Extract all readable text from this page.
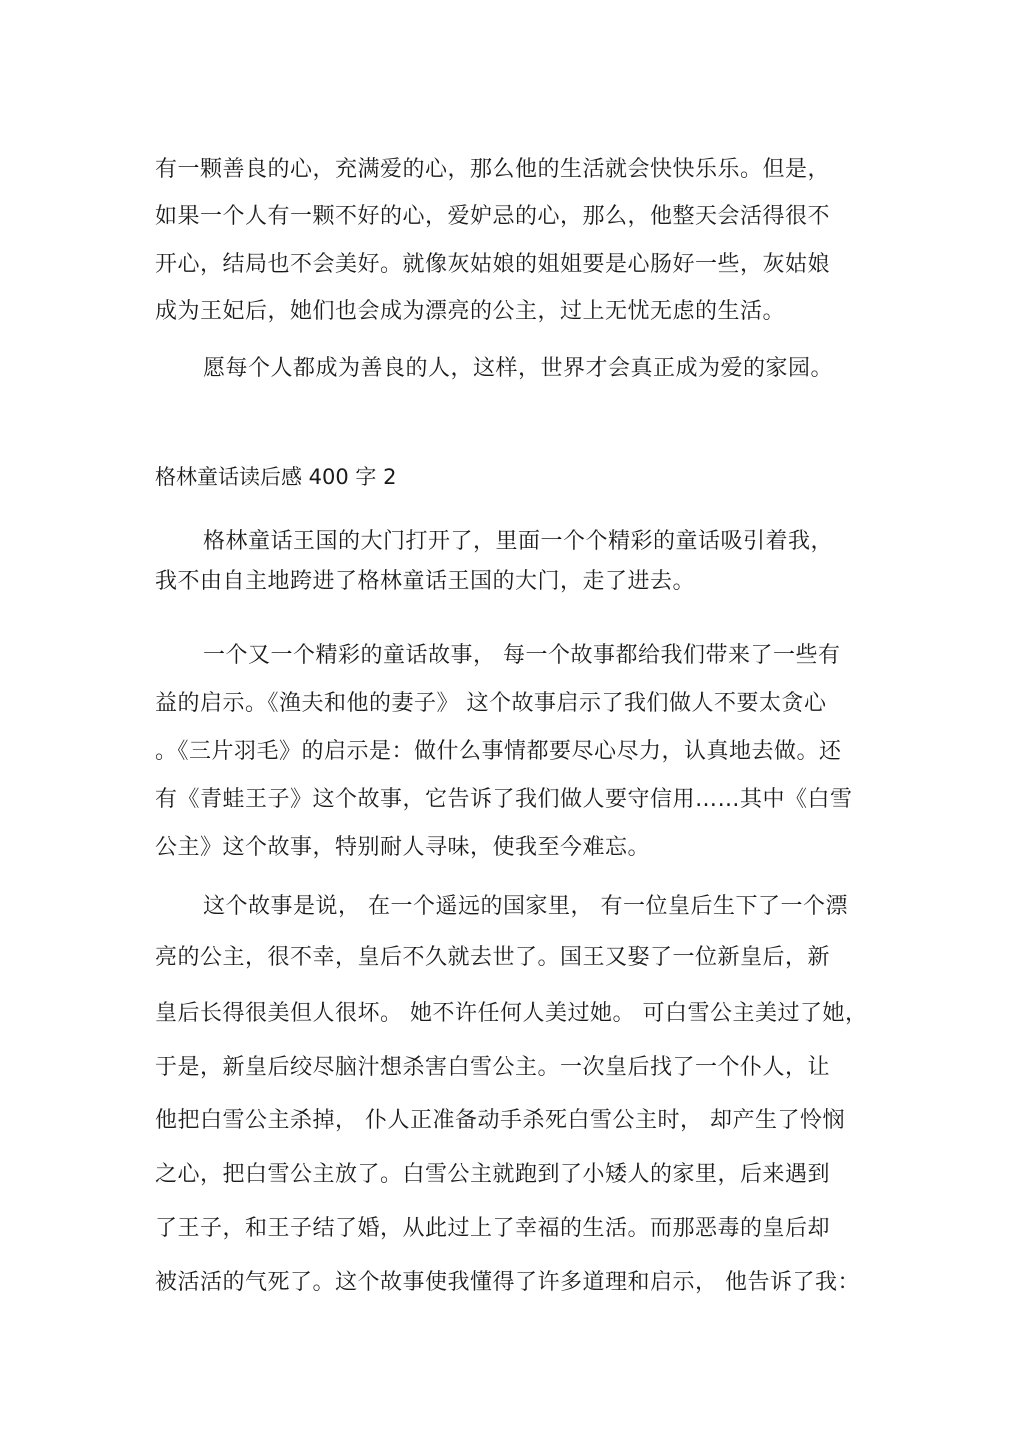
有一颗善良的心，充满爱的心，那么他的生活就会快快乐乐。但是，
如果一个人有一颗不好的心，爱妒忌的心，那么，他整天会活得很不
开心，结局也不会美好。就像灰姑娘的姐姐要是心肠好一些，灰姑娘
成为王妃后，她们也会成为漂亮的公主，过上无忧无虑的生活。
愿每个人都成为善良的人，这样，世界才会真正成为爱的家园。
格林童话读后感 400 字 2
格林童话王国的大门打开了，里面一个个精彩的童话吸引着我，
我不由自主地跨进了格林童话王国的大门，走了进去。
一个又一个精彩的童话故事， 每一个故事都给我们带来了一些有
益的启示。《渔夫和他的妻子》 这个故事启示了我们做人不要太贪心
。《三片羽毛》的启示是：做什么事情都要尽心尽力，认真地去做。还
有《青蛙王子》这个故事，它告诉了我们做人要守信用……其中《白雪
公主》这个故事，特别耐人寻味，使我至今难忘。
这个故事是说， 在一个遥远的国家里， 有一位皇后生下了一个漂
亮的公主，很不幸，皇后不久就去世了。国王又娶了一位新皇后，新
皇后长得很美但人很坏。 她不许任何人美过她。 可白雪公主美过了她，
于是，新皇后绞尽脑汁想杀害白雪公主。一次皇后找了一个仆人，让
他把白雪公主杀掉， 仆人正准备动手杀死白雪公主时， 却产生了怜悯
之心，把白雪公主放了。白雪公主就跑到了小矮人的家里，后来遇到
了王子，和王子结了婚，从此过上了幸福的生活。而那恶毒的皇后却
被活活的气死了。这个故事使我懂得了许多道理和启示， 他告诉了我：
